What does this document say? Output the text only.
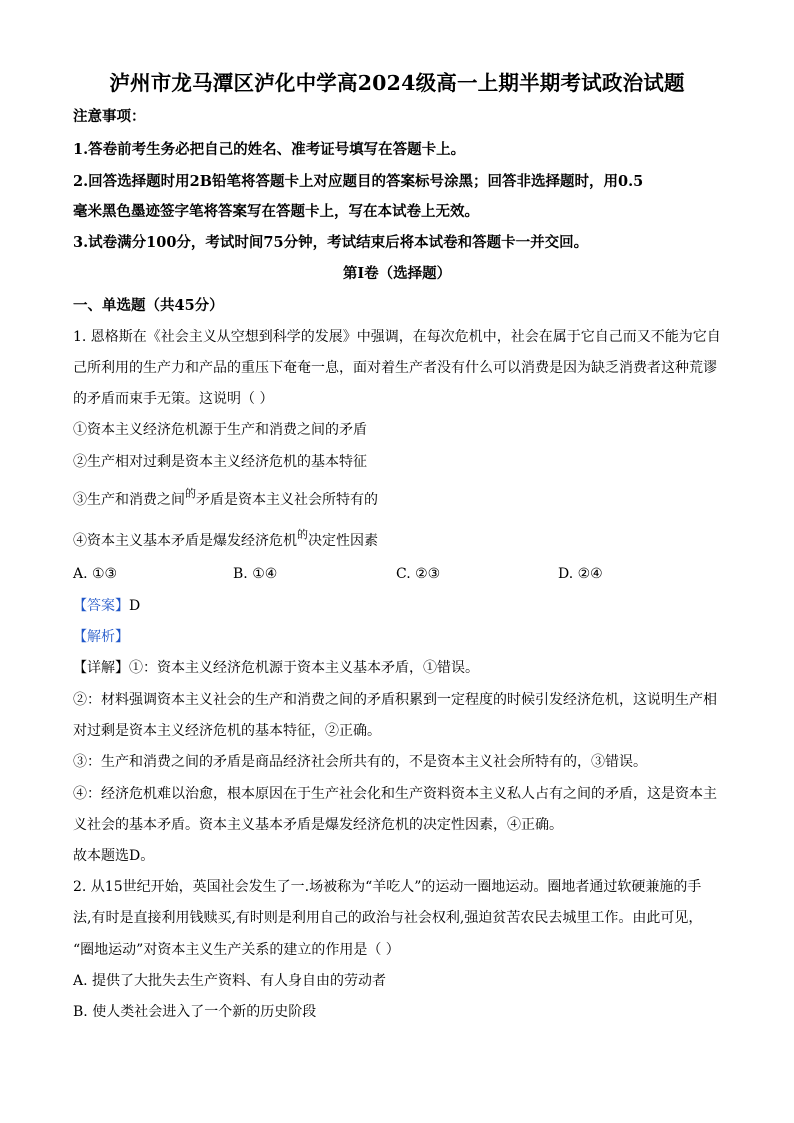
泸州市龙马潭区泸化中学高2024级高一上期半期考试政治试题
注意事项：
1.答卷前考生务必把自己的姓名、准考证号填写在答题卡上。
2.回答选择题时用2B铅笔将答题卡上对应题目的答案标号涂黑；回答非选择题时，用0.5
毫米黑色墨迹签字笔将答案写在答题卡上，写在本试卷上无效。
3.试卷满分100分，考试时间75分钟，考试结束后将本试卷和答题卡一并交回。
第Ⅰ卷（选择题）
一、单选题（共45分）
1. 恩格斯在《社会主义从空想到科学的发展》中强调，在每次危机中，社会在属于它自己而又不能为它自
己所利用的生产力和产品的重压下奄奄一息，面对着生产者没有什么可以消费是因为缺乏消费者这种荒谬
的矛盾而束手无策。这说明（ ）
①资本主义经济危机源于生产和消费之间的矛盾
②生产相对过剩是资本主义经济危机的基本特征
③生产和消费之间$^的$矛盾是资本主义社会所特有的
④资本主义基本矛盾是爆发经济危机$^的$决定性因素
A. ①③	B. ①④	C. ②③	D. ②④
【答案】D
【解析】
【详解】①：资本主义经济危机源于资本主义基本矛盾，①错误。
②：材料强调资本主义社会的生产和消费之间的矛盾积累到一定程度的时候引发经济危机，这说明生产相
对过剩是资本主义经济危机的基本特征，②正确。
③：生产和消费之间的矛盾是商品经济社会所共有的，不是资本主义社会所特有的，③错误。
④：经济危机难以治愈，根本原因在于生产社会化和生产资料资本主义私人占有之间的矛盾，这是资本主
义社会的基本矛盾。资本主义基本矛盾是爆发经济危机的决定性因素，④正确。
故本题选D。
2. 从15世纪开始，英国社会发生了一.场被称为“羊吃人”的运动一圈地运动。圈地者通过软硬兼施的手
法,有时是直接利用钱赎买,有时则是利用自己的政治与社会权利,强迫贫苦农民去城里工作。由此可见，
“圈地运动”对资本主义生产关系的建立的作用是（ ）
A. 提供了大批失去生产资料、有人身自由的劳动者
B. 使人类社会进入了一个新的历史阶段
